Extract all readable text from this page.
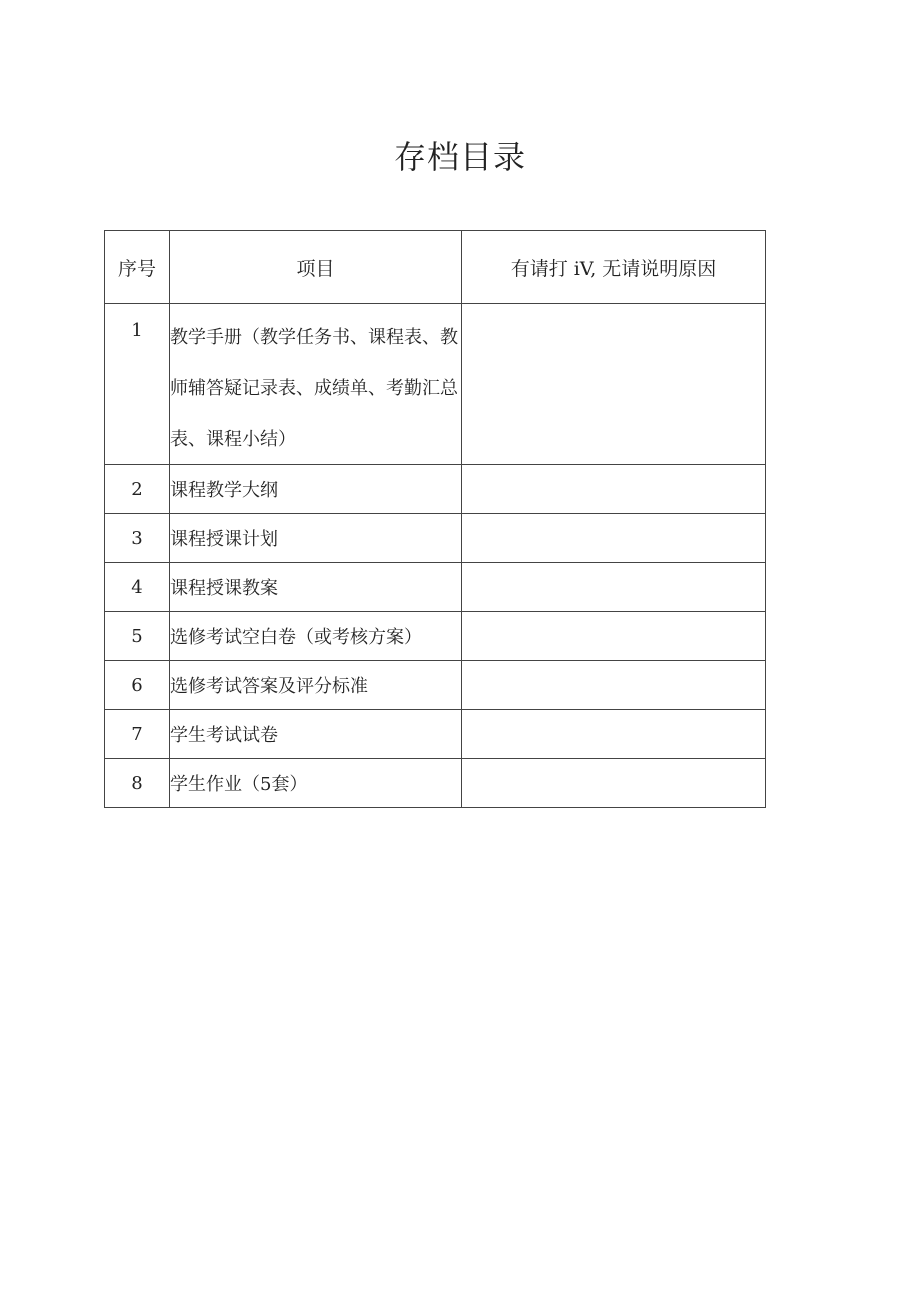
存档目录
序号	项目	有请打 ⅰV, 无请说明原因
1	教学手册（教学任务书、课程表、教师辅答疑记录表、成绩单、考勤汇总表、课程小结）	

2	课程教学大纲	
3	课程授课计划	
4	课程授课教案	
5	选修考试空白卷（或考核方案）	
6	选修考试答案及评分标准	
7	学生考试试卷	
8	学生作业（5套）	
